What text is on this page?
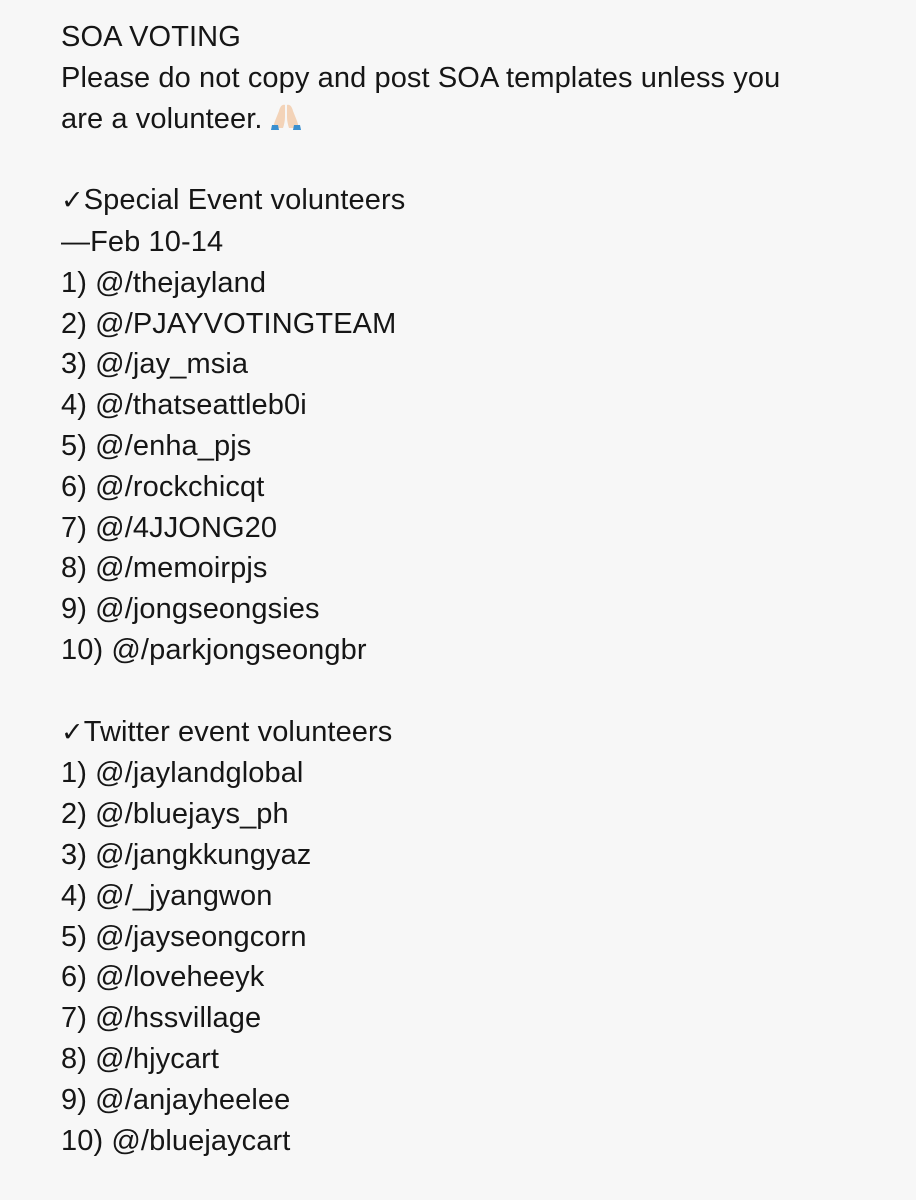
SOA VOTING
Please do not copy and post SOA templates unless you
are a volunteer.
✓Special Event volunteers
—Feb 10-14
1) @/thejayland
2) @/PJAYVOTINGTEAM
3) @/jay_msia
4) @/thatseattleb0i
5) @/enha_pjs
6) @/rockchicqt
7) @/4JJONG20
8) @/memoirpjs
9) @/jongseongsies
10) @/parkjongseongbr
✓Twitter event volunteers
1) @/jaylandglobal
2) @/bluejays_ph
3) @/jangkkungyaz
4) @/_jyangwon
5) @/jayseongcorn
6) @/loveheeyk
7) @/hssvillage
8) @/hjycart
9) @/anjayheelee
10) @/bluejaycart
